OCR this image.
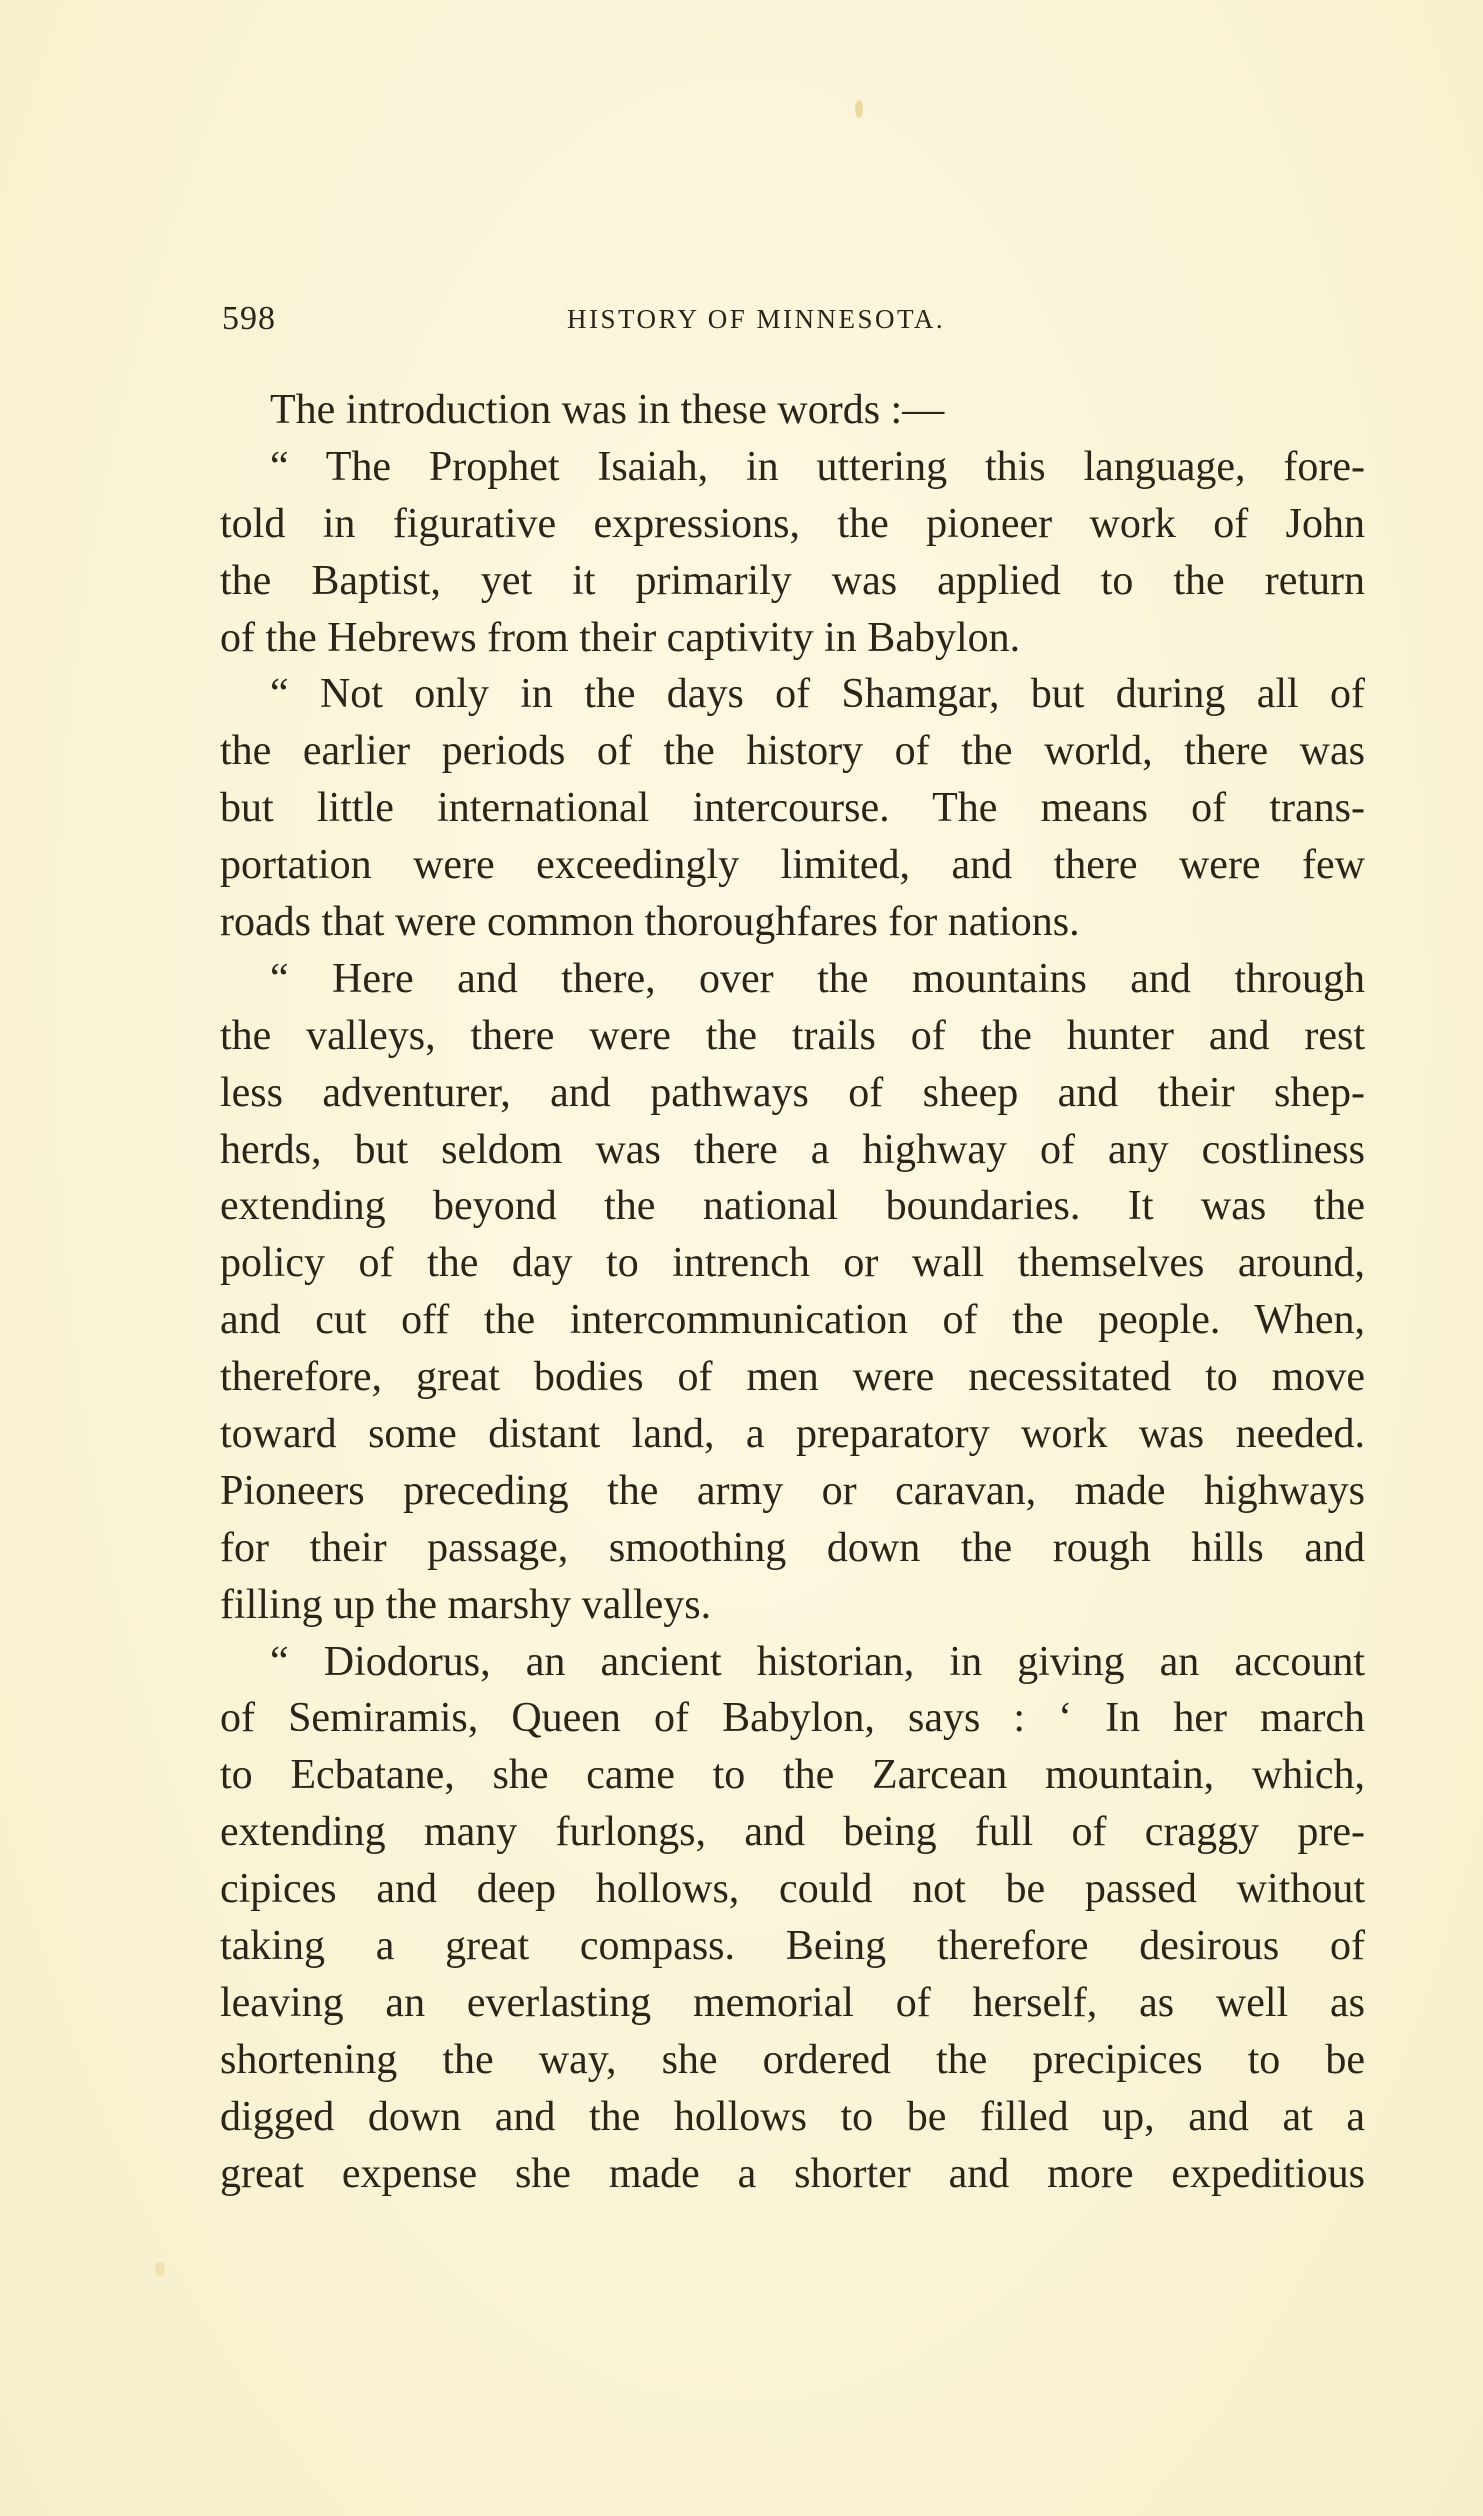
598	HISTORY OF MINNESOTA.
The introduction was in these words :—
“ The Prophet Isaiah, in uttering this language, fore-
told in figurative expressions, the pioneer work of John
the Baptist, yet it primarily was applied to the return
of the Hebrews from their captivity in Babylon.
“ Not only in the days of Shamgar, but during all of
the earlier periods of the history of the world, there was
but little international intercourse. The means of trans-
portation were exceedingly limited, and there were few
roads that were common thoroughfares for nations.
“ Here and there, over the mountains and through
the valleys, there were the trails of the hunter and rest
less adventurer, and pathways of sheep and their shep-
herds, but seldom was there a highway of any costliness
extending beyond the national boundaries. It was the
policy of the day to intrench or wall themselves around,
and cut off the intercommunication of the people. When,
therefore, great bodies of men were necessitated to move
toward some distant land, a preparatory work was needed.
Pioneers preceding the army or caravan, made highways
for their passage, smoothing down the rough hills and
filling up the marshy valleys.
“ Diodorus, an ancient historian, in giving an account
of Semiramis, Queen of Babylon, says : ‘ In her march
to Ecbatane, she came to the Zarcean mountain, which,
extending many furlongs, and being full of craggy pre-
cipices and deep hollows, could not be passed without
taking a great compass. Being therefore desirous of
leaving an everlasting memorial of herself, as well as
shortening the way, she ordered the precipices to be
digged down and the hollows to be filled up, and at a
great expense she made a shorter and more expeditious
